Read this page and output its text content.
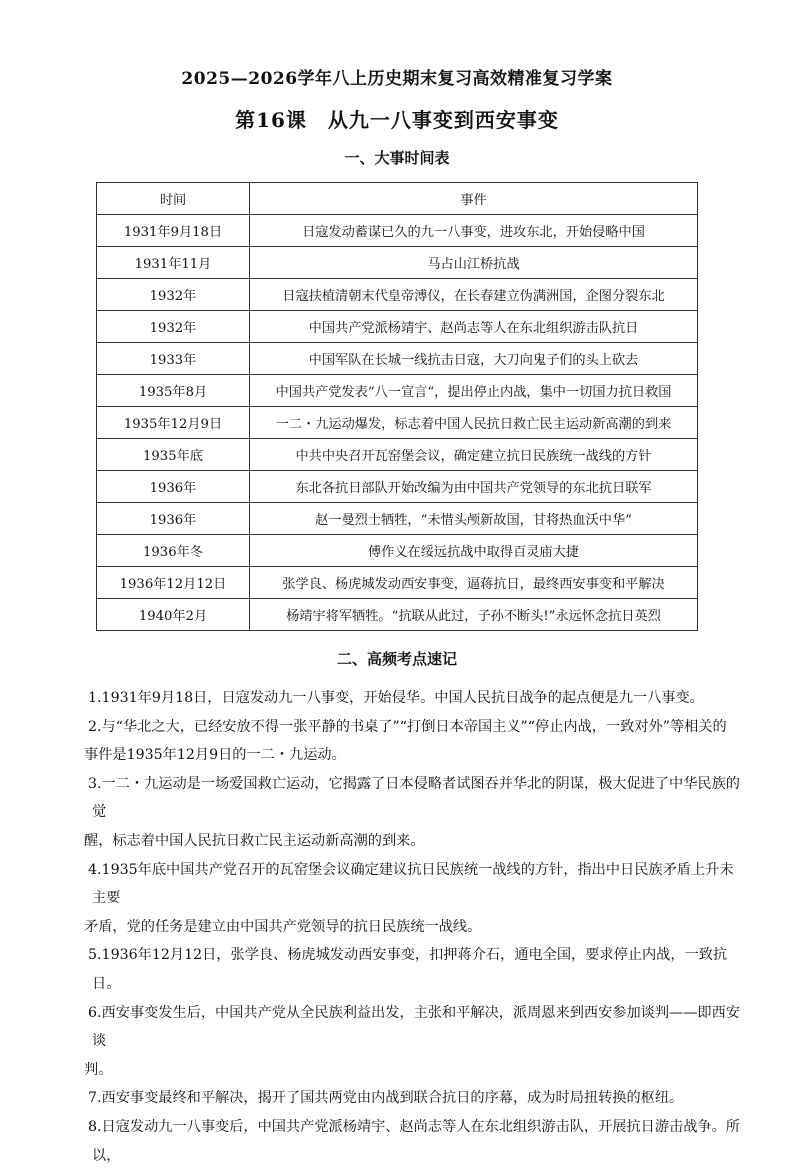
2025—2026学年八上历史期末复习高效精准复习学案
第16课　从九一八事变到西安事变
一、大事时间表
时间	事件
1931年9月18日	日寇发动蓄谋已久的九一八事变，进攻东北，开始侵略中国
1931年11月	马占山江桥抗战
1932年	日寇扶植清朝末代皇帝溥仪，在长春建立伪满洲国，企图分裂东北
1932年	中国共产党派杨靖宇、赵尚志等人在东北组织游击队抗日
1933年	中国军队在长城一线抗击日寇，大刀向鬼子们的头上砍去
1935年8月	中国共产党发表“八一宣言“，提出停止内战，集中一切国力抗日救国
1935年12月9日	一二・九运动爆发，标志着中国人民抗日救亡民主运动新高潮的到来
1935年底	中共中央召开瓦窑堡会议，确定建立抗日民族统一战线的方针
1936年	东北各抗日部队开始改编为由中国共产党领导的东北抗日联军
1936年	赵一曼烈士牺牲，“未惜头颅新故国，甘将热血沃中华”
1936年冬	傅作义在绥远抗战中取得百灵庙大捷
1936年12月12日	张学良、杨虎城发动西安事变，逼蒋抗日，最终西安事变和平解决
1940年2月	杨靖宇将军牺牲。“抗联从此过，子孙不断头!”永远怀念抗日英烈
二、高频考点速记

1.1931年9月18日，日寇发动九一八事变，开始侵华。中国人民抗日战争的起点便是九一八事变。

2.与“华北之大，已经安放不得一张平静的书桌了”“打倒日本帝国主义”“停止内战，一致对外”等相关的

事件是1935年12月9日的一二・九运动。

3.一二・九运动是一场爱国救亡运动，它揭露了日本侵略者试图吞并华北的阴谋，极大促进了中华民族的觉

醒，标志着中国人民抗日救亡民主运动新高潮的到来。

4.1935年底中国共产党召开的瓦窑堡会议确定建议抗日民族统一战线的方针，指出中日民族矛盾上升未主要

矛盾，党的任务是建立由中国共产党领导的抗日民族统一战线。

5.1936年12月12日，张学良、杨虎城发动西安事变，扣押蒋介石，通电全国，要求停止内战，一致抗日。

6.西安事变发生后，中国共产党从全民族利益出发，主张和平解决，派周恩来到西安参加谈判——即西安谈

判。

7.西安事变最终和平解决，揭开了国共两党由内战到联合抗日的序幕，成为时局扭转换的枢纽。

8.日寇发动九一八事变后，中国共产党派杨靖宇、赵尚志等人在东北组织游击队，开展抗日游击战争。所以，
